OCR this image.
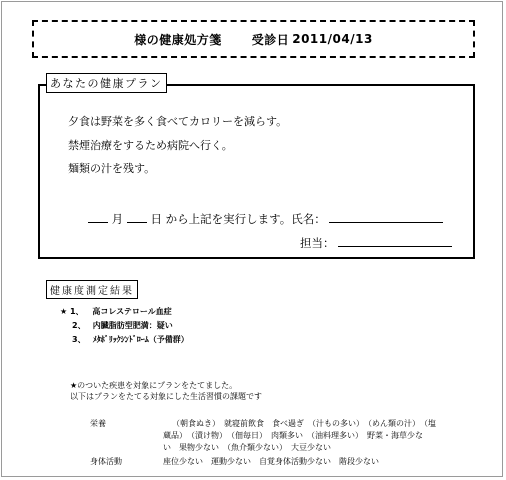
様の健康処方箋	受診日 2011/04/13
あなたの健康プラン
夕食は野菜を多く食べてカロリーを減らす。
禁煙治療をするため病院へ行く。
麺類の汁を残す。
月 日 から上記を実行します。氏名：
担当：
健康度測定結果
★ 1、 高コレステロール血症
2、 内臓脂肪型肥満：疑い
3、 ﾒﾀﾎﾞﾘｯｸｼﾝﾄﾞﾛｰﾑ（予備群）
★のついた疾患を対象にプランをたてました。
以下はプランをたてる対象にした生活習慣の課題です
栄養	（朝食ぬき）　就寝前飲食　食べ過ぎ　（汁もの多い）　（めん類の汁）　（塩
蔵品）　（漬け物）　（佃毎日）　肉類多い　（油料理多い）　野菜・海草少な
い　果物少ない　（魚介類少ない）　大豆少ない
身体活動	座位少ない　運動少ない　自覚身体活動少ない　階段少ない
